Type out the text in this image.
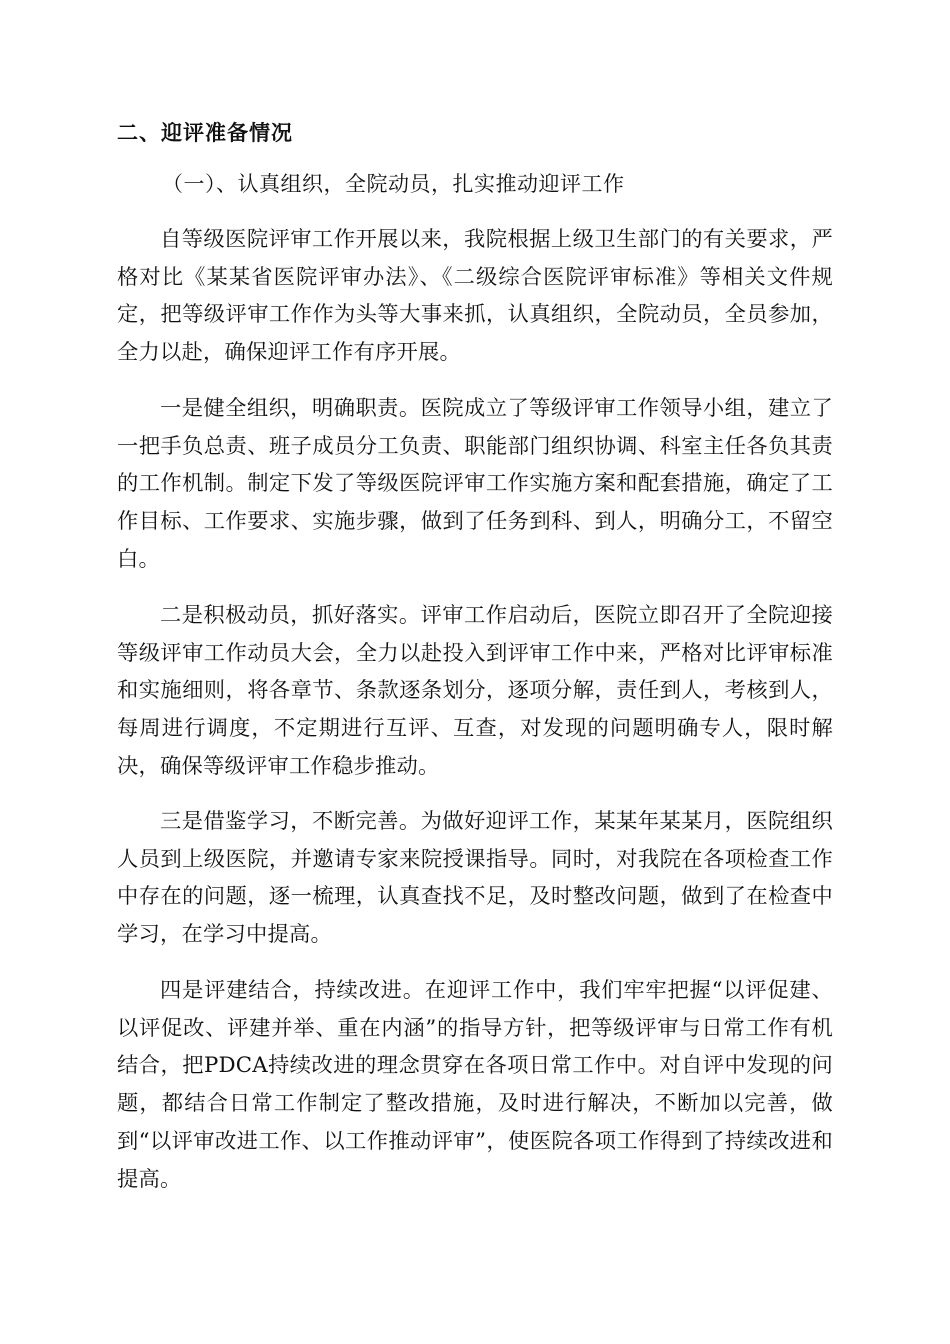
二、迎评准备情况
（一）、认真组织，全院动员，扎实推动迎评工作

自等级医院评审工作开展以来，我院根据上级卫生部门的有关要求，严格对比《某某省医院评审办法》、《二级综合医院评审标准》等相关文件规定，把等级评审工作作为头等大事来抓，认真组织，全院动员，全员参加，全力以赴，确保迎评工作有序开展。

一是健全组织，明确职责。医院成立了等级评审工作领导小组，建立了一把手负总责、班子成员分工负责、职能部门组织协调、科室主任各负其责的工作机制。制定下发了等级医院评审工作实施方案和配套措施，确定了工作目标、工作要求、实施步骤，做到了任务到科、到人，明确分工，不留空白。

二是积极动员，抓好落实。评审工作启动后，医院立即召开了全院迎接等级评审工作动员大会，全力以赴投入到评审工作中来，严格对比评审标准和实施细则，将各章节、条款逐条划分，逐项分解，责任到人，考核到人，每周进行调度，不定期进行互评、互查，对发现的问题明确专人，限时解决，确保等级评审工作稳步推动。

三是借鉴学习，不断完善。为做好迎评工作，某某年某某月，医院组织人员到上级医院，并邀请专家来院授课指导。同时，对我院在各项检查工作中存在的问题，逐一梳理，认真查找不足，及时整改问题，做到了在检查中学习，在学习中提高。

四是评建结合，持续改进。在迎评工作中，我们牢牢把握“以评促建、以评促改、评建并举、重在内涵”的指导方针，把等级评审与日常工作有机结合，把PDCA持续改进的理念贯穿在各项日常工作中。对自评中发现的问题，都结合日常工作制定了整改措施，及时进行解决，不断加以完善，做到“以评审改进工作、以工作推动评审”，使医院各项工作得到了持续改进和提高。
